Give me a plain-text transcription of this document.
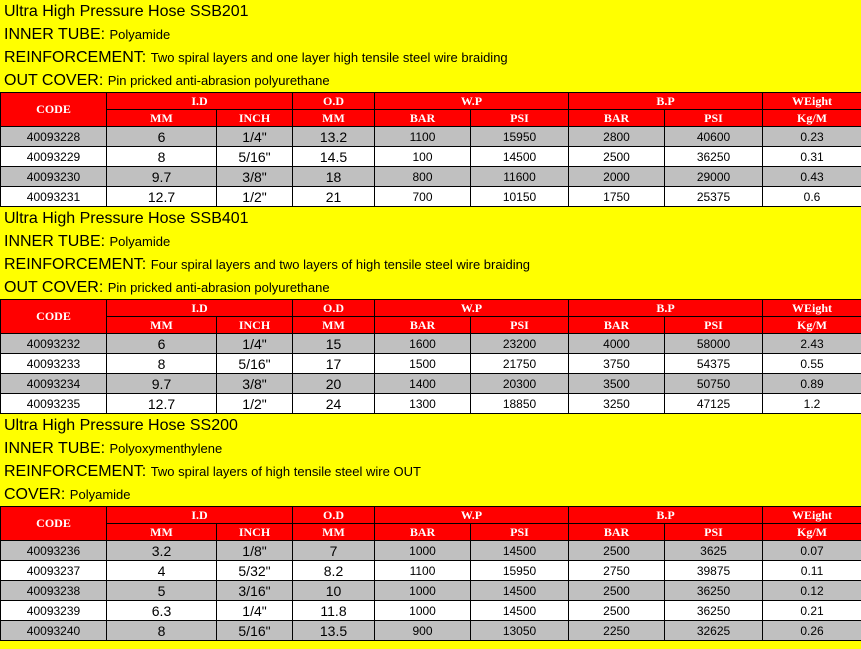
Ultra High Pressure Hose SSB201
INNER TUBE: Polyamide
REINFORCEMENT: Two spiral layers and one layer high tensile steel wire braiding
OUT COVER: Pin pricked anti-abrasion polyurethane
CODE	I.D		O.D	W.P		B.P		WEight
	MM	INCH	MM	BAR	PSI	BAR	PSI	Kg/M
40093228	6	1/4"	13.2	1100	15950	2800	40600	0.23
40093229	8	5/16"	14.5	100	14500	2500	36250	0.31
40093230	9.7	3/8"	18	800	11600	2000	29000	0.43
40093231	12.7	1/2"	21	700	10150	1750	25375	0.6
Ultra High Pressure Hose SSB401
INNER TUBE: Polyamide
REINFORCEMENT: Four spiral layers and two layers of high tensile steel wire braiding
OUT COVER: Pin pricked anti-abrasion polyurethane
CODE	I.D		O.D	W.P		B.P		WEight
	MM	INCH	MM	BAR	PSI	BAR	PSI	Kg/M
40093232	6	1/4"	15	1600	23200	4000	58000	2.43
40093233	8	5/16"	17	1500	21750	3750	54375	0.55
40093234	9.7	3/8"	20	1400	20300	3500	50750	0.89
40093235	12.7	1/2"	24	1300	18850	3250	47125	1.2
Ultra High Pressure Hose SS200
INNER TUBE: Polyoxymenthylene
REINFORCEMENT: Two spiral layers of high tensile steel wire OUT
COVER: Polyamide
CODE	I.D		O.D	W.P		B.P		WEight
	MM	INCH	MM	BAR	PSI	BAR	PSI	Kg/M
40093236	3.2	1/8"	7	1000	14500	2500	3625	0.07
40093237	4	5/32"	8.2	1100	15950	2750	39875	0.11
40093238	5	3/16"	10	1000	14500	2500	36250	0.12
40093239	6.3	1/4"	11.8	1000	14500	2500	36250	0.21
40093240	8	5/16"	13.5	900	13050	2250	32625	0.26
